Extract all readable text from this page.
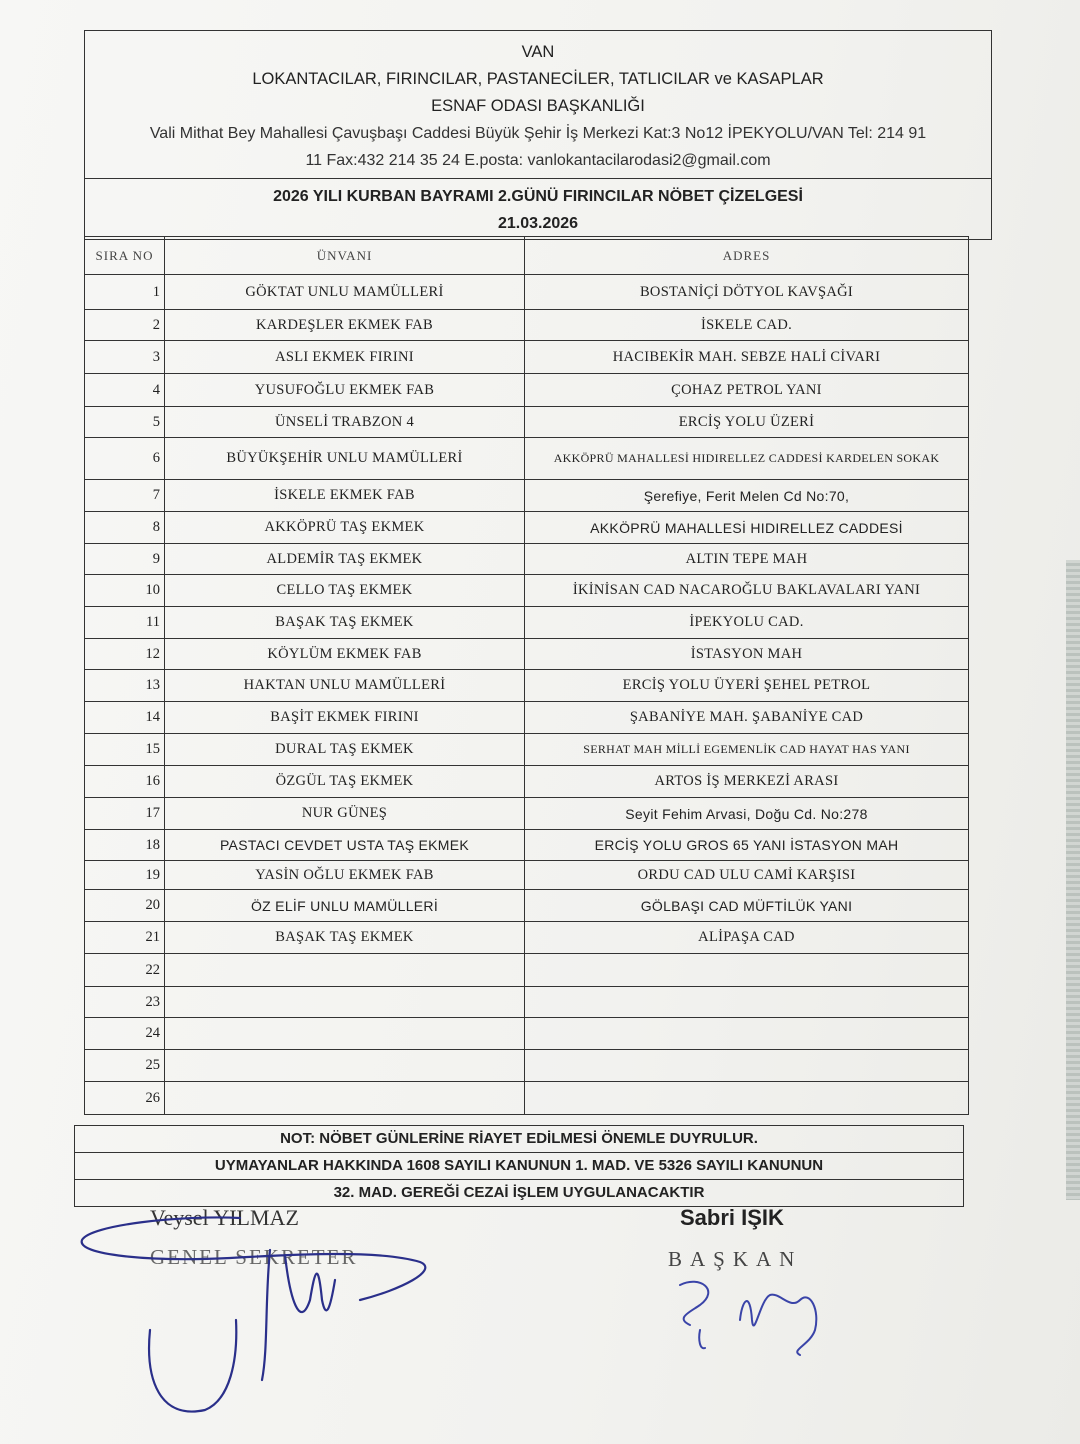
VAN
LOKANTACILAR, FIRINCILAR, PASTANECİLER, TATLICILAR ve KASAPLAR
ESNAF ODASI BAŞKANLIĞI
Vali Mithat Bey Mahallesi Çavuşbaşı Caddesi Büyük Şehir İş Merkezi Kat:3 No12 İPEKYOLU/VAN Tel: 214 91
11 Fax:432 214 35 24 E.posta: vanlokantacilarodasi2@gmail.com
2026 YILI KURBAN BAYRAMI 2.GÜNÜ FIRINCILAR NÖBET ÇİZELGESİ
21.03.2026
SIRA NO	ÜNVANI	ADRES
1	GÖKTAT UNLU MAMÜLLERİ	BOSTANİÇİ DÖTYOL KAVŞAĞI
2	KARDEŞLER EKMEK FAB	İSKELE CAD.
3	ASLI EKMEK FIRINI	HACIBEKİR MAH. SEBZE HALİ CİVARI
4	YUSUFOĞLU EKMEK FAB	ÇOHAZ PETROL YANI
5	ÜNSELİ TRABZON 4	ERCİŞ YOLU ÜZERİ
6	BÜYÜKŞEHİR UNLU MAMÜLLERİ	AKKÖPRÜ MAHALLESİ HIDIRELLEZ CADDESİ KARDELEN SOKAK
7	İSKELE EKMEK FAB	Şerefiye, Ferit Melen Cd No:70,
8	AKKÖPRÜ TAŞ EKMEK	AKKÖPRÜ MAHALLESİ HIDIRELLEZ CADDESİ
9	ALDEMİR TAŞ EKMEK	ALTIN TEPE MAH
10	CELLO TAŞ EKMEK	İKİNİSAN CAD NACAROĞLU BAKLAVALARI YANI
11	BAŞAK TAŞ EKMEK	İPEKYOLU CAD.
12	KÖYLÜM EKMEK FAB	İSTASYON MAH
13	HAKTAN UNLU MAMÜLLERİ	ERCİŞ YOLU ÜYERİ ŞEHEL PETROL
14	BAŞİT EKMEK FIRINI	ŞABANİYE MAH. ŞABANİYE CAD
15	DURAL TAŞ EKMEK	SERHAT MAH MİLLİ EGEMENLİK CAD HAYAT HAS YANI
16	ÖZGÜL TAŞ EKMEK	ARTOS İŞ MERKEZİ ARASI
17	NUR GÜNEŞ	Seyit Fehim Arvasi, Doğu Cd. No:278
18	PASTACI CEVDET USTA TAŞ EKMEK	ERCİŞ YOLU GROS 65 YANI İSTASYON MAH
19	YASİN OĞLU EKMEK FAB	ORDU CAD ULU CAMİ KARŞISI
20	ÖZ ELİF UNLU MAMÜLLERİ	GÖLBAŞI CAD MÜFTİLÜK YANI
21	BAŞAK TAŞ EKMEK	ALİPAŞA CAD
22		
23		
24		
25		
26		
NOT: NÖBET GÜNLERİNE RİAYET EDİLMESİ ÖNEMLE DUYRULUR.
UYMAYANLAR HAKKINDA 1608 SAYILI KANUNUN 1. MAD. VE 5326 SAYILI KANUNUN
32. MAD. GEREĞİ CEZAİ İŞLEM UYGULANACAKTIR
Veysel YILMAZ
GENEL SEKRETER
Sabri IŞIK
BAŞKAN
